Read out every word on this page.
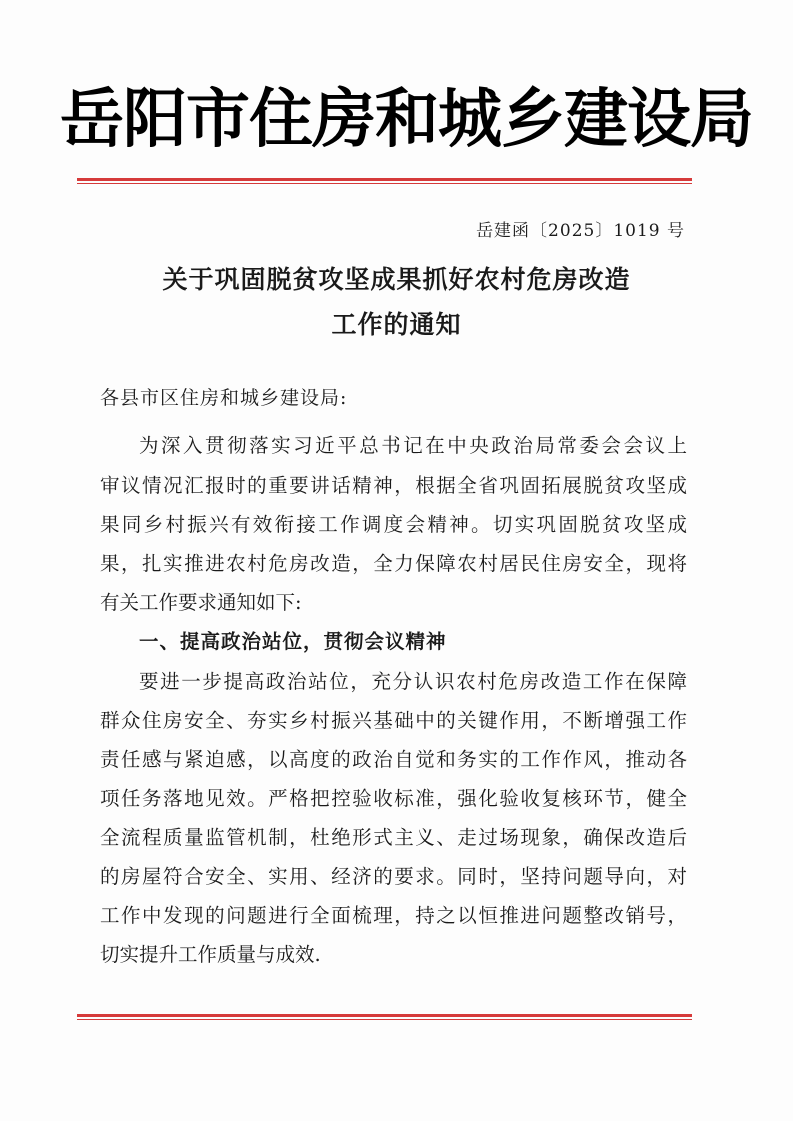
岳阳市住房和城乡建设局
岳建函〔2025〕1019 号
关于巩固脱贫攻坚成果抓好农村危房改造
工作的通知
各县市区住房和城乡建设局:
为深入贯彻落实习近平总书记在中央政治局常委会会议上
审议情况汇报时的重要讲话精神，根据全省巩固拓展脱贫攻坚成
果同乡村振兴有效衔接工作调度会精神。切实巩固脱贫攻坚成
果，扎实推进农村危房改造，全力保障农村居民住房安全，现将
有关工作要求通知如下:
一、提高政治站位，贯彻会议精神
要进一步提高政治站位，充分认识农村危房改造工作在保障
群众住房安全、夯实乡村振兴基础中的关键作用，不断增强工作
责任感与紧迫感，以高度的政治自觉和务实的工作作风，推动各
项任务落地见效。严格把控验收标准，强化验收复核环节，健全
全流程质量监管机制，杜绝形式主义、走过场现象，确保改造后
的房屋符合安全、实用、经济的要求。同时，坚持问题导向，对
工作中发现的问题进行全面梳理，持之以恒推进问题整改销号，
切实提升工作质量与成效.
